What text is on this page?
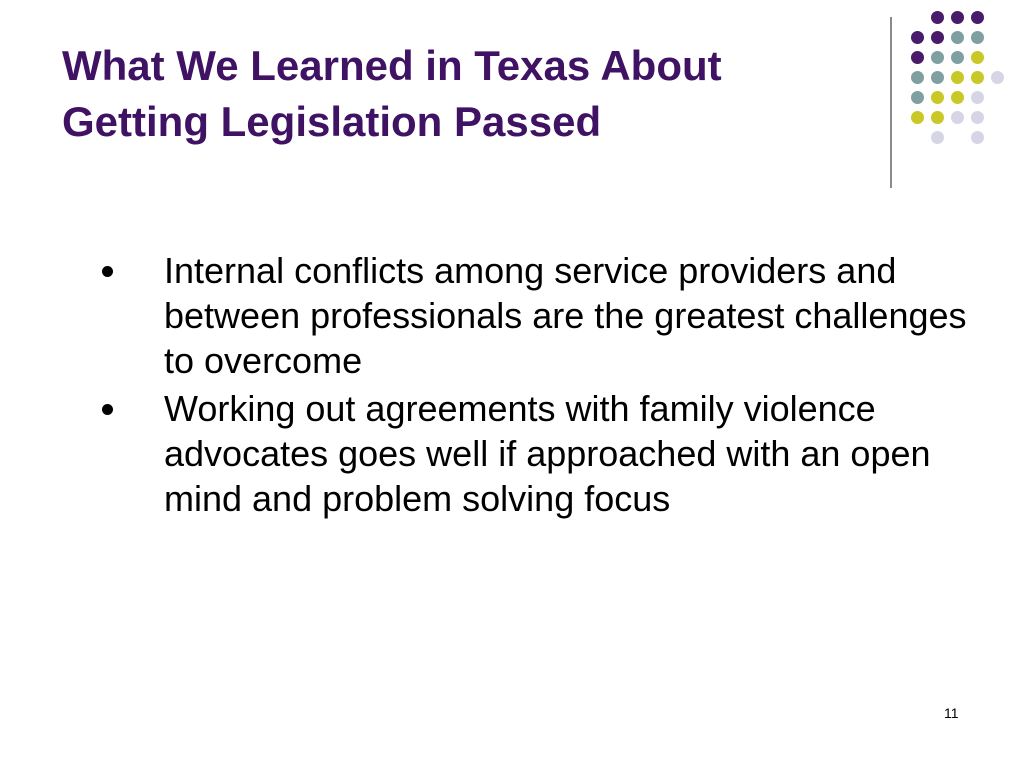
What We Learned in Texas About
Getting Legislation Passed
Internal conflicts among service providers and between professionals are the greatest challenges to overcome
Working out agreements with family violence advocates goes well if approached with an open mind and problem solving focus
11
